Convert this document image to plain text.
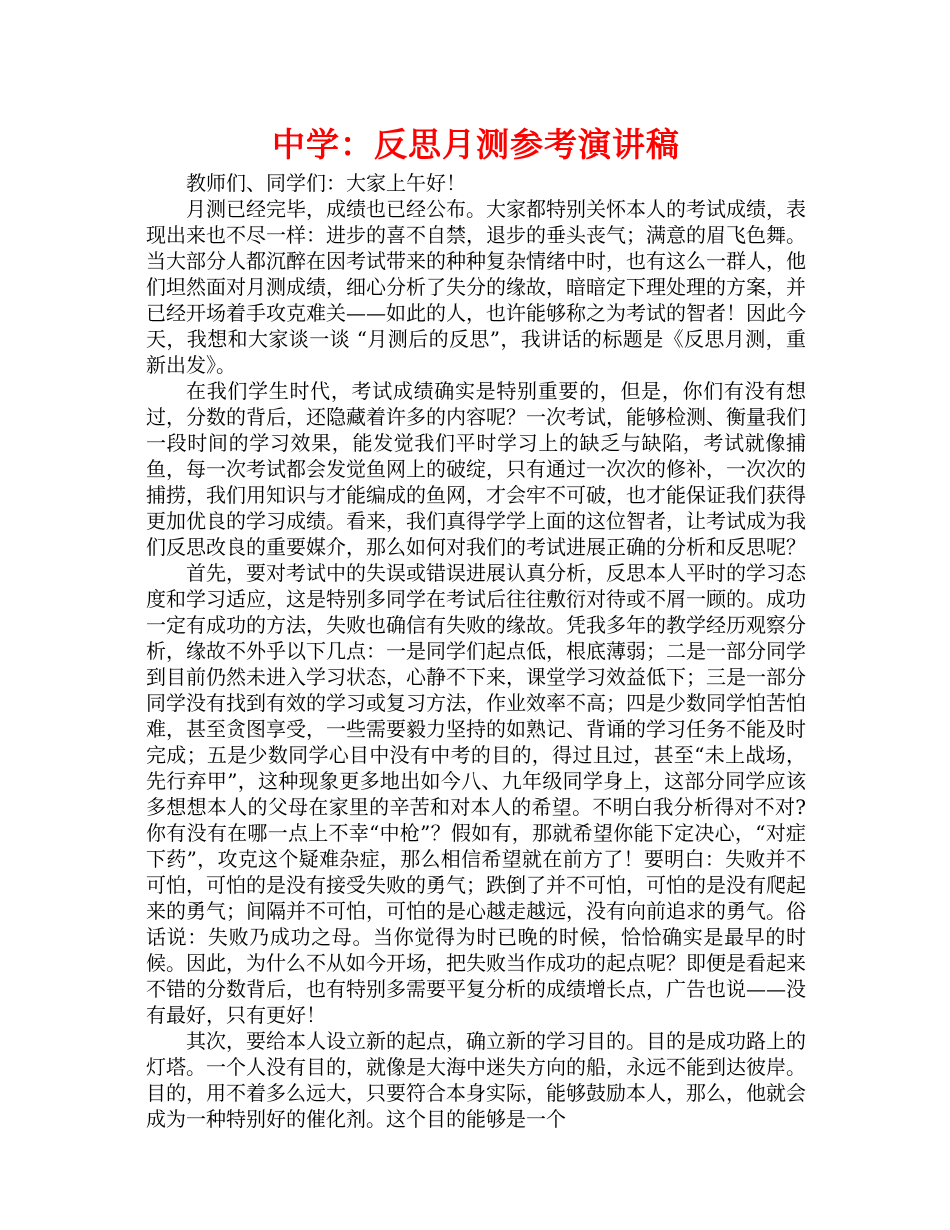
中学：反思月测参考演讲稿

教师们、同学们：大家上午好！

月测已经完毕，成绩也已经公布。大家都特别关怀本人的考试成绩，表现出来也不尽一样：进步的喜不自禁，退步的垂头丧气；满意的眉飞色舞。当大部分人都沉醉在因考试带来的种种复杂情绪中时，也有这么一群人，他们坦然面对月测成绩，细心分析了失分的缘故，暗暗定下理处理的方案，并已经开场着手攻克难关——如此的人，也许能够称之为考试的智者！因此今天，我想和大家谈一谈 “月测后的反思”，我讲话的标题是《反思月测，重新出发》。

在我们学生时代，考试成绩确实是特别重要的，但是，你们有没有想过，分数的背后，还隐藏着许多的内容呢？一次考试，能够检测、衡量我们一段时间的学习效果，能发觉我们平时学习上的缺乏与缺陷，考试就像捕鱼，每一次考试都会发觉鱼网上的破绽，只有通过一次次的修补，一次次的捕捞，我们用知识与才能编成的鱼网，才会牢不可破，也才能保证我们获得更加优良的学习成绩。看来，我们真得学学上面的这位智者，让考试成为我们反思改良的重要媒介，那么如何对我们的考试进展正确的分析和反思呢？

首先，要对考试中的失误或错误进展认真分析，反思本人平时的学习态度和学习适应，这是特别多同学在考试后往往敷衍对待或不屑一顾的。成功一定有成功的方法，失败也确信有失败的缘故。凭我多年的教学经历观察分析，缘故不外乎以下几点：一是同学们起点低，根底薄弱；二是一部分同学到目前仍然未进入学习状态，心静不下来，课堂学习效益低下；三是一部分同学没有找到有效的学习或复习方法，作业效率不高；四是少数同学怕苦怕难，甚至贪图享受，一些需要毅力坚持的如熟记、背诵的学习任务不能及时完成；五是少数同学心目中没有中考的目的，得过且过，甚至“未上战场，先行弃甲”，这种现象更多地出如今八、九年级同学身上，这部分同学应该多想想本人的父母在家里的辛苦和对本人的希望。不明白我分析得对不对?你有没有在哪一点上不幸“中枪”？假如有，那就希望你能下定决心，“对症下药”，攻克这个疑难杂症，那么相信希望就在前方了！要明白：失败并不可怕，可怕的是没有接受失败的勇气；跌倒了并不可怕，可怕的是没有爬起来的勇气；间隔并不可怕，可怕的是心越走越远，没有向前追求的勇气。俗话说：失败乃成功之母。当你觉得为时已晚的时候，恰恰确实是最早的时候。因此，为什么不从如今开场，把失败当作成功的起点呢？即便是看起来不错的分数背后，也有特别多需要平复分析的成绩增长点，广告也说——没有最好，只有更好！

其次，要给本人设立新的起点，确立新的学习目的。目的是成功路上的灯塔。一个人没有目的，就像是大海中迷失方向的船，永远不能到达彼岸。目的，用不着多么远大，只要符合本身实际，能够鼓励本人，那么，他就会成为一种特别好的催化剂。这个目的能够是一个
